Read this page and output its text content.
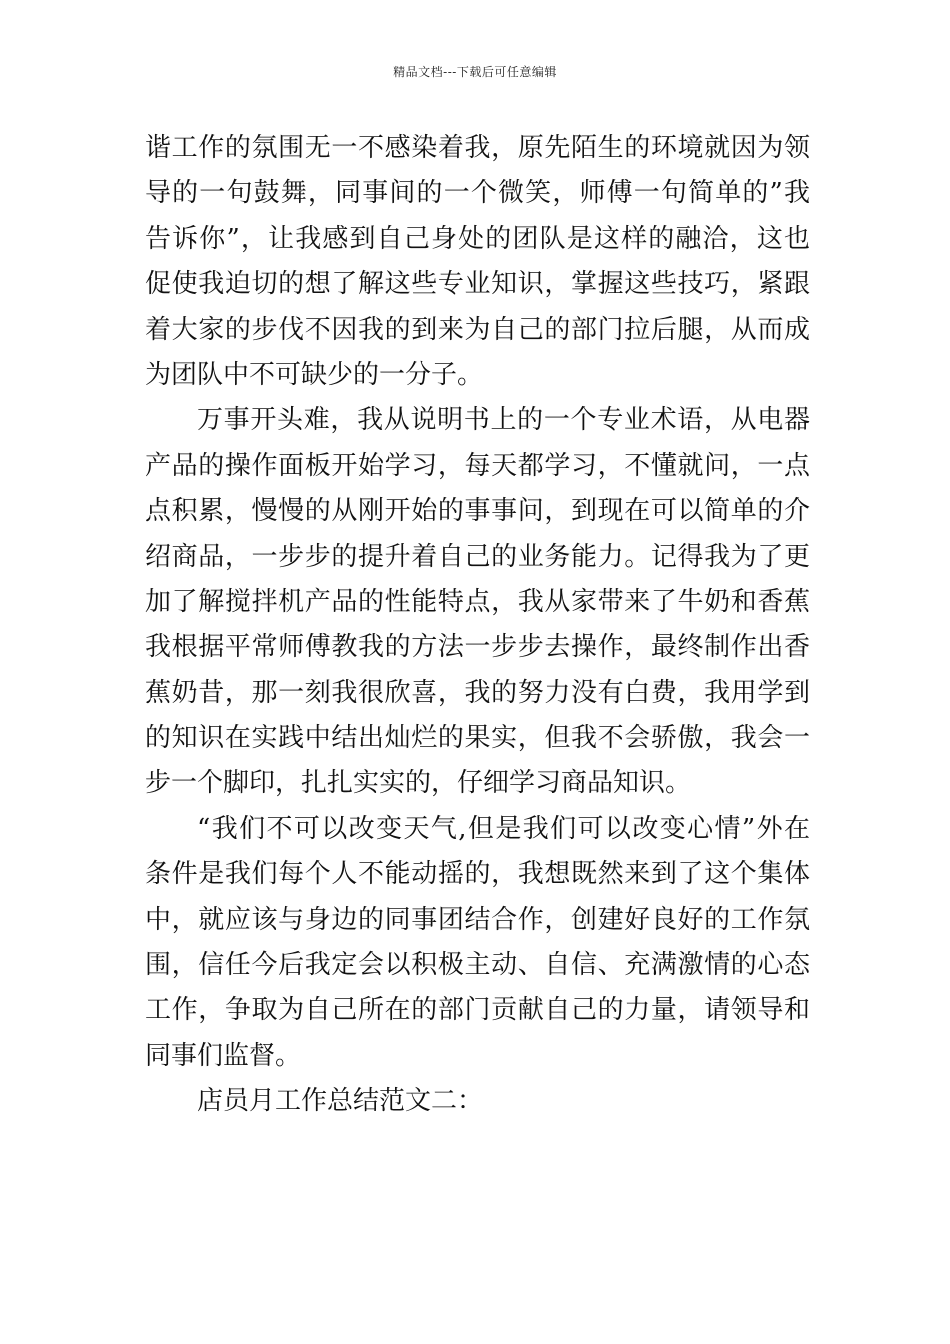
精品文档---下载后可任意编辑
谐工作的氛围无一不感染着我，原先陌生的环境就因为领
导的一句鼓舞，同事间的一个微笑，师傅一句简单的”我
告诉你”，让我感到自己身处的团队是这样的融洽，这也
促使我迫切的想了解这些专业知识，掌握这些技巧，紧跟
着大家的步伐不因我的到来为自己的部门拉后腿，从而成
为团队中不可缺少的一分子。
万事开头难，我从说明书上的一个专业术语，从电器
产品的操作面板开始学习，每天都学习，不懂就问，一点
点积累，慢慢的从刚开始的事事问，到现在可以简单的介
绍商品，一步步的提升着自己的业务能力。记得我为了更
加了解搅拌机产品的性能特点，我从家带来了牛奶和香蕉
我根据平常师傅教我的方法一步步去操作，最终制作出香
蕉奶昔，那一刻我很欣喜，我的努力没有白费，我用学到
的知识在实践中结出灿烂的果实，但我不会骄傲，我会一
步一个脚印，扎扎实实的，仔细学习商品知识。
“我们不可以改变天气,但是我们可以改变心情”外在
条件是我们每个人不能动摇的，我想既然来到了这个集体
中，就应该与身边的同事团结合作，创建好良好的工作氛
围，信任今后我定会以积极主动、自信、充满激情的心态
工作，争取为自己所在的部门贡献自己的力量，请领导和
同事们监督。
店员月工作总结范文二：
